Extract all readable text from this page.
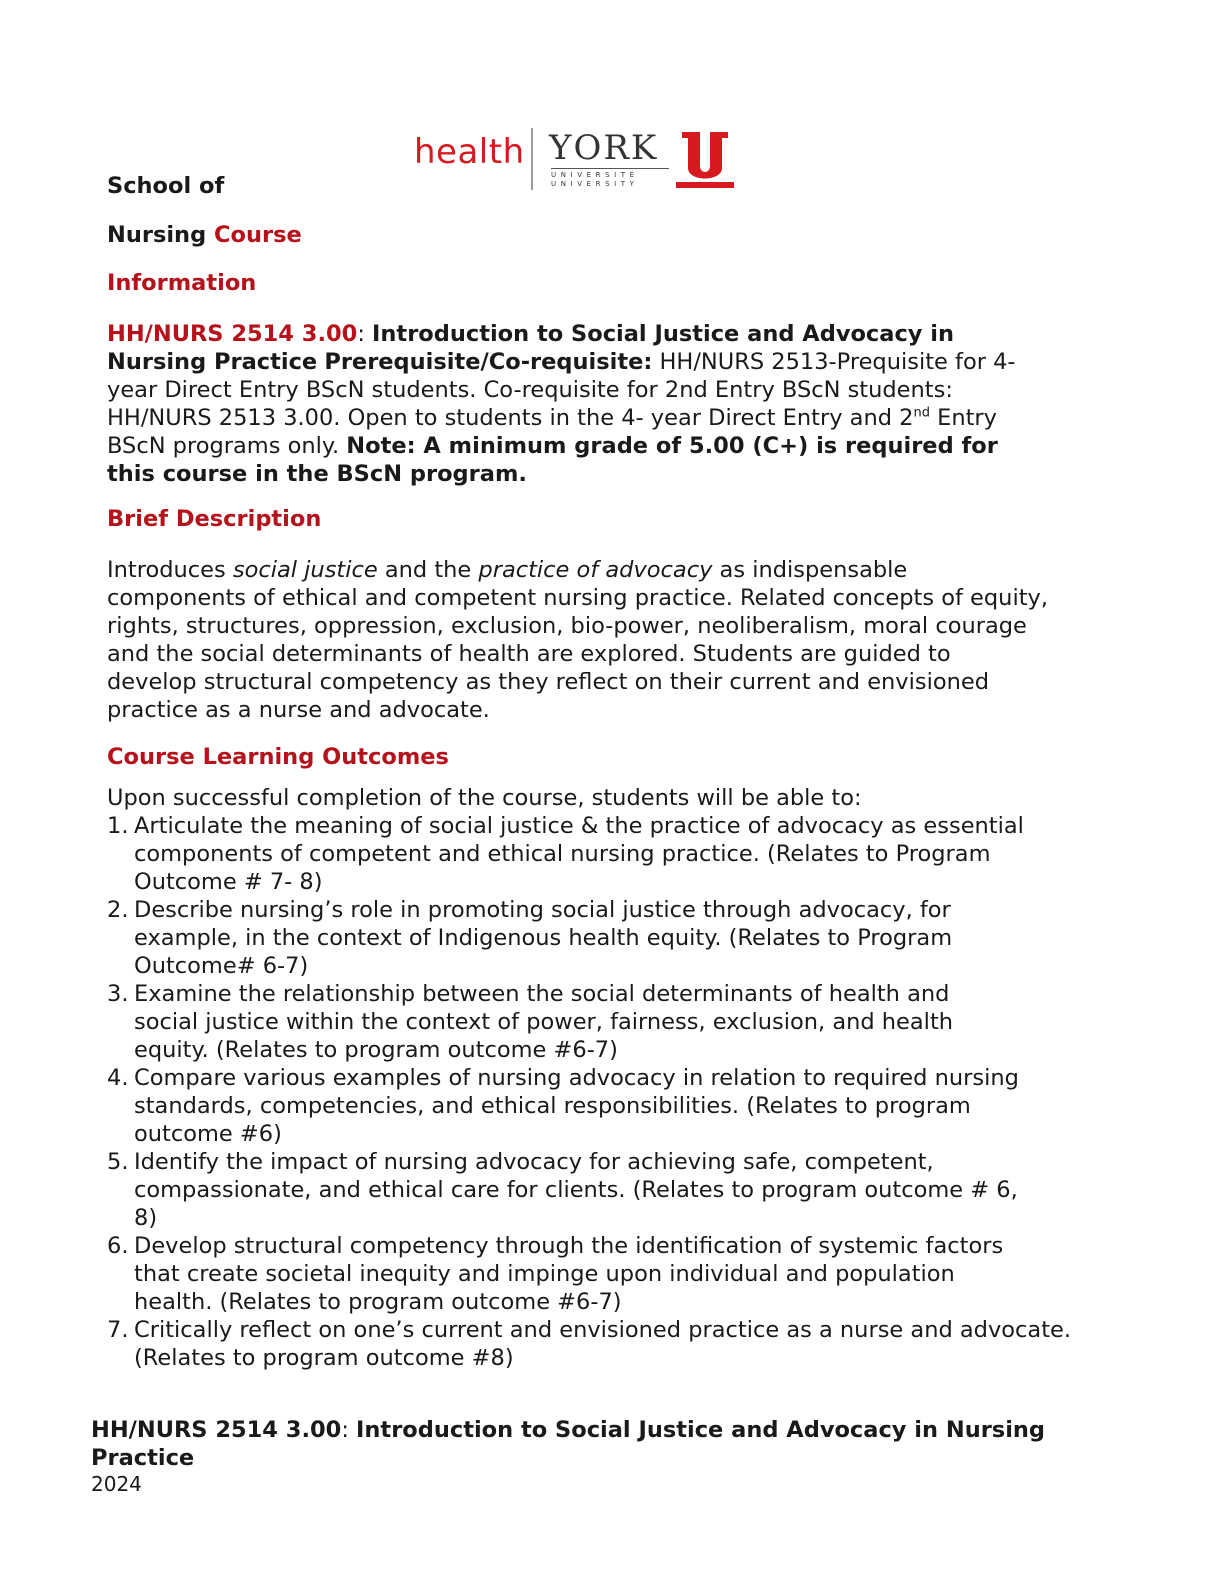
health YORK
UNIVERSITÉ
UNIVERSITY
School of
Nursing Course
Information
HH/NURS 2514 3.00: Introduction to Social Justice and Advocacy in
Nursing Practice Prerequisite/Co-requisite: HH/NURS 2513-Prequisite for 4-
year Direct Entry BScN students. Co-requisite for 2nd Entry BScN students:
HH/NURS 2513 3.00. Open to students in the 4- year Direct Entry and 2nd Entry
BScN programs only. Note: A minimum grade of 5.00 (C+) is required for
this course in the BScN program.
Brief Description
Introduces social justice and the practice of advocacy as indispensable
components of ethical and competent nursing practice. Related concepts of equity,
rights, structures, oppression, exclusion, bio-power, neoliberalism, moral courage
and the social determinants of health are explored. Students are guided to
develop structural competency as they reflect on their current and envisioned
practice as a nurse and advocate.
Course Learning Outcomes
Upon successful completion of the course, students will be able to:
1. Articulate the meaning of social justice & the practice of advocacy as essential
components of competent and ethical nursing practice. (Relates to Program
Outcome # 7- 8)
2. Describe nursing’s role in promoting social justice through advocacy, for
example, in the context of Indigenous health equity. (Relates to Program
Outcome# 6-7)
3. Examine the relationship between the social determinants of health and
social justice within the context of power, fairness, exclusion, and health
equity. (Relates to program outcome #6-7)
4. Compare various examples of nursing advocacy in relation to required nursing
standards, competencies, and ethical responsibilities. (Relates to program
outcome #6)
5. Identify the impact of nursing advocacy for achieving safe, competent,
compassionate, and ethical care for clients. (Relates to program outcome # 6,
8)
6. Develop structural competency through the identification of systemic factors
that create societal inequity and impinge upon individual and population
health. (Relates to program outcome #6-7)
7. Critically reflect on one’s current and envisioned practice as a nurse and advocate.
(Relates to program outcome #8)
HH/NURS 2514 3.00: Introduction to Social Justice and Advocacy in Nursing
Practice
2024
